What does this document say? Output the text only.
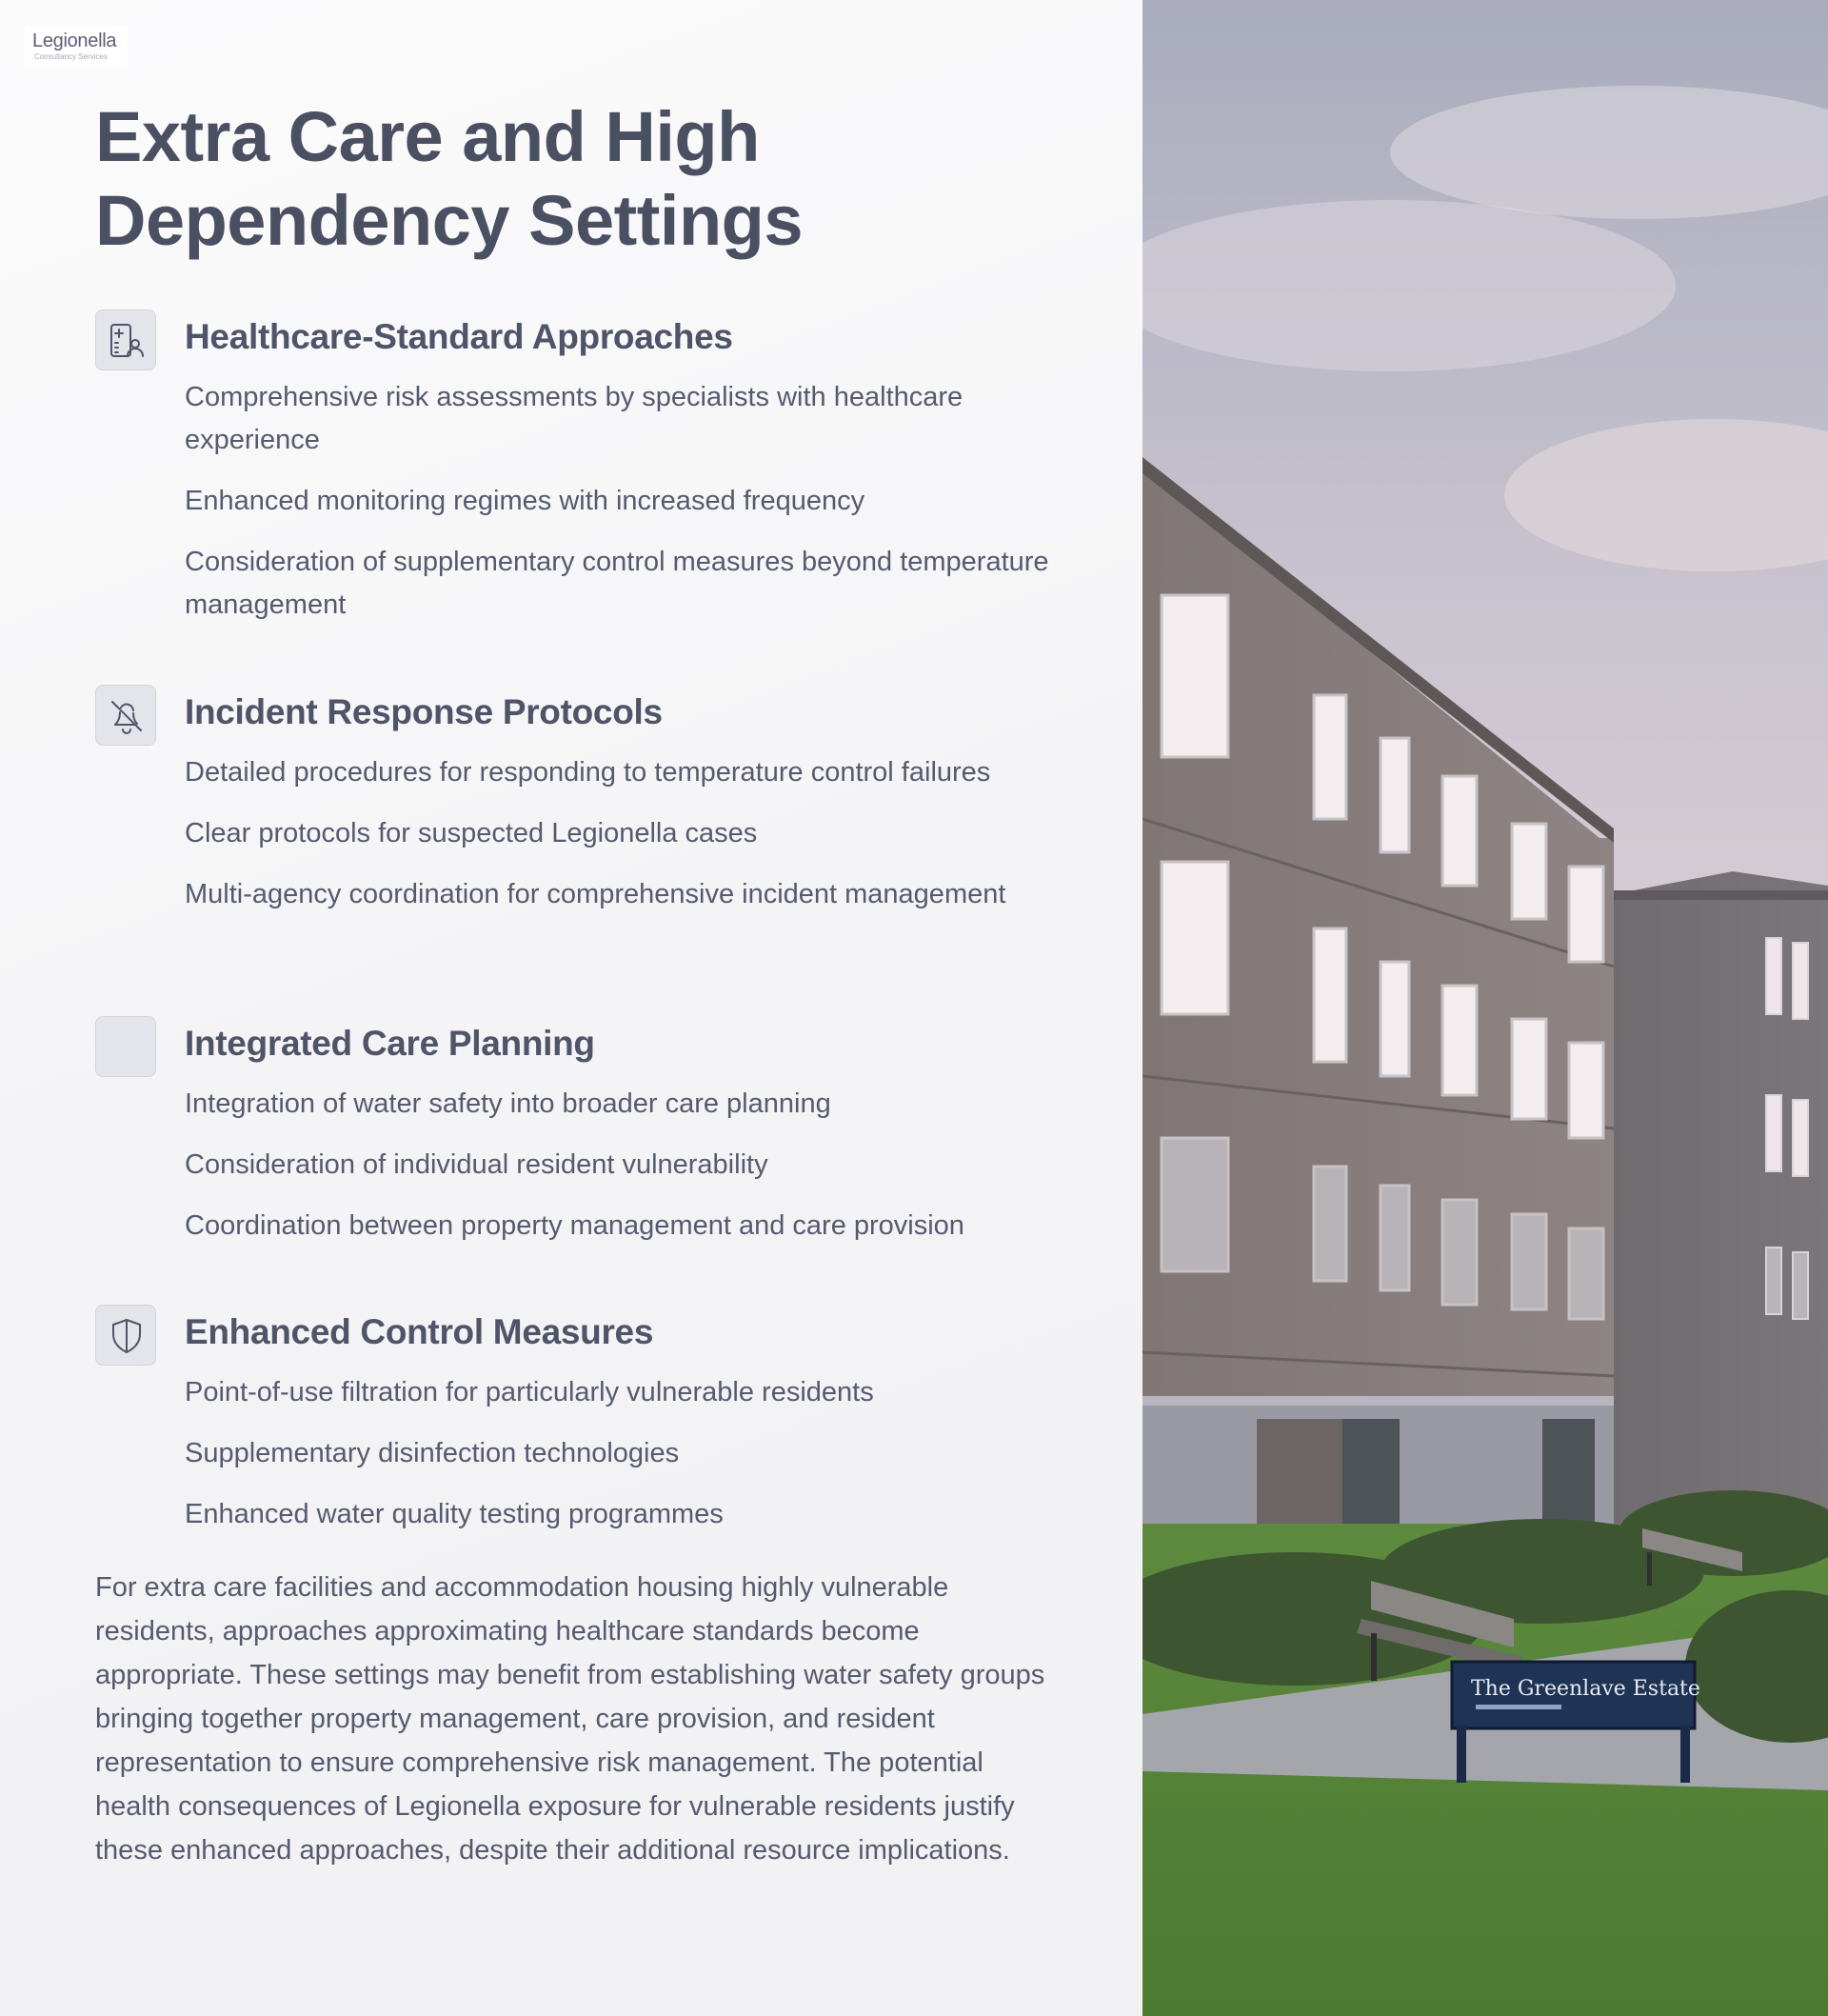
Legionella
Consultancy Services
Extra Care and High Dependency Settings
Healthcare-Standard Approaches
Comprehensive risk assessments by specialists with healthcare experience
Enhanced monitoring regimes with increased frequency
Consideration of supplementary control measures beyond temperature management
Incident Response Protocols
Detailed procedures for responding to temperature control failures
Clear protocols for suspected Legionella cases
Multi-agency coordination for comprehensive incident management
Integrated Care Planning
Integration of water safety into broader care planning
Consideration of individual resident vulnerability
Coordination between property management and care provision
Enhanced Control Measures
Point-of-use filtration for particularly vulnerable residents
Supplementary disinfection technologies
Enhanced water quality testing programmes

For extra care facilities and accommodation housing highly vulnerable residents, approaches approximating healthcare standards become appropriate. These settings may benefit from establishing water safety groups bringing together property management, care provision, and resident representation to ensure comprehensive risk management. The potential health consequences of Legionella exposure for vulnerable residents justify these enhanced approaches, despite their additional resource implications.

The Greenlave Estate
